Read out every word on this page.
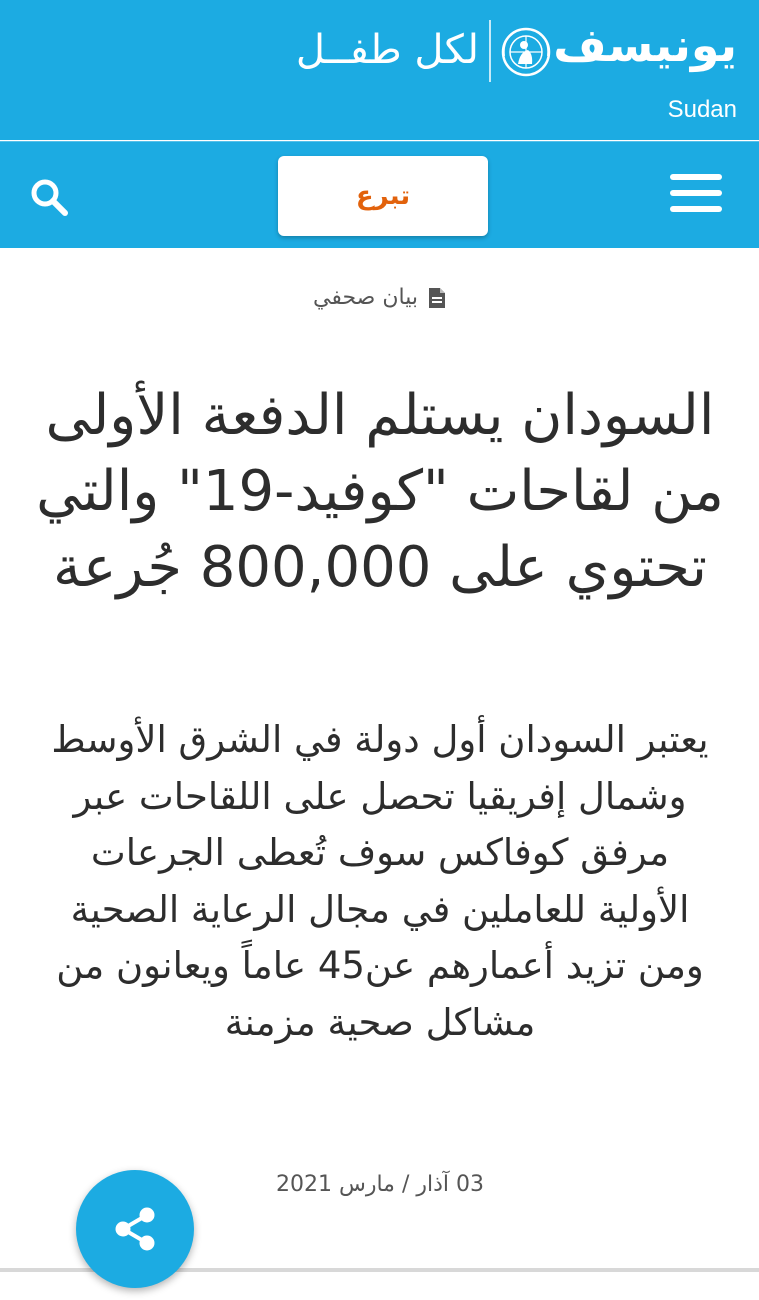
يونيسف
لكل طفــل
Sudan
تبرع
بيان صحفي
السودان يستلم الدفعة الأولى من لقاحات "كوفيد-19" والتي تحتوي على 800,000 جُرعة

يعتبر السودان أول دولة في الشرق الأوسط وشمال إفريقيا تحصل على اللقاحات عبر مرفق كوفاكس سوف تُعطى الجرعات الأولية للعاملين في مجال الرعاية الصحية ومن تزيد أعمارهم عن45 عاماً ويعانون من مشاكل صحية مزمنة

03 آذار / مارس 2021
